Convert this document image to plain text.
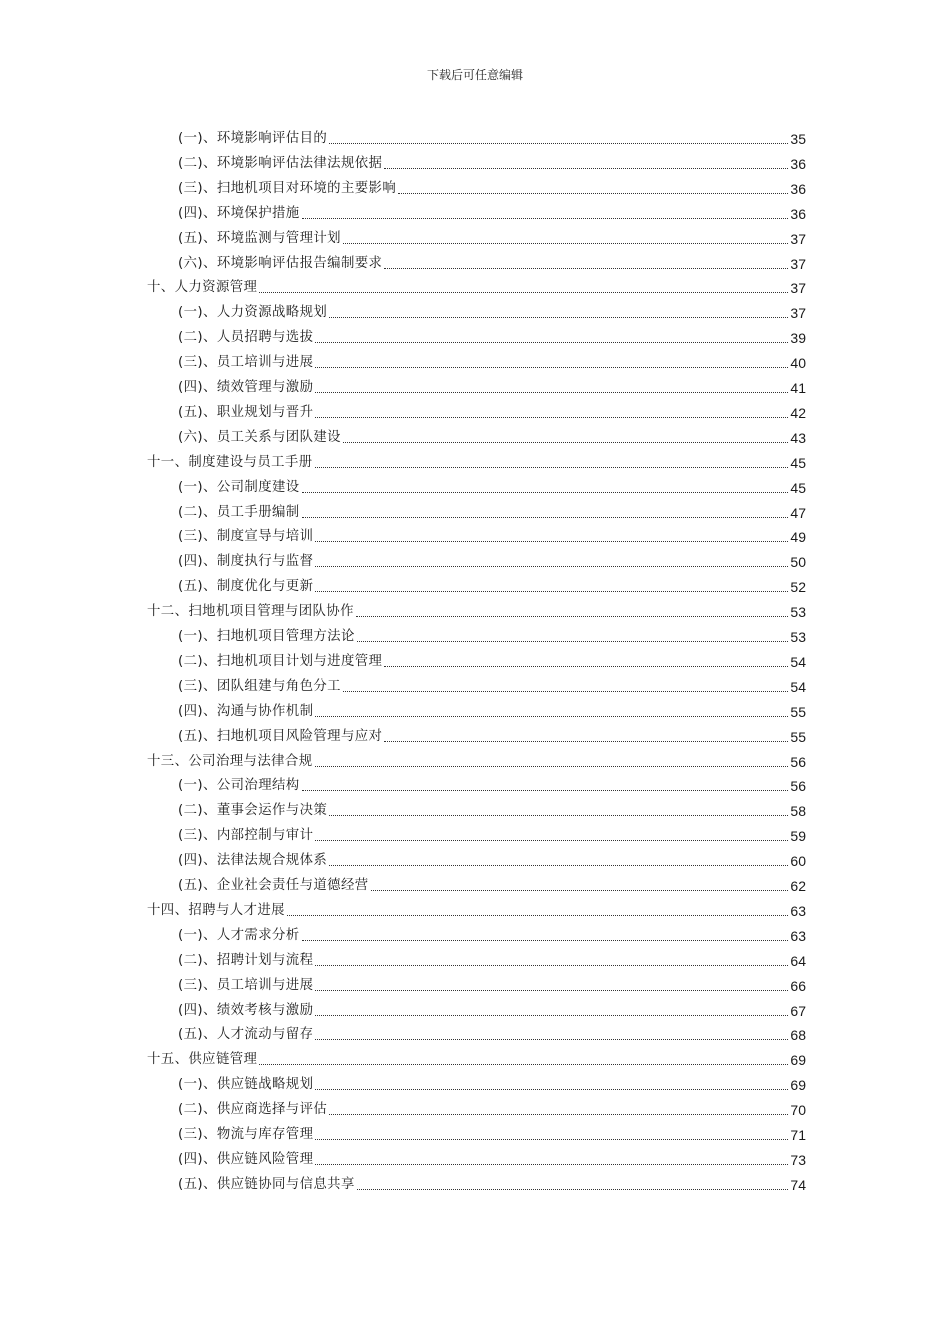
下载后可任意编辑
(一)、环境影响评估目的	35
(二)、环境影响评估法律法规依据	36
(三)、扫地机项目对环境的主要影响	36
(四)、环境保护措施	36
(五)、环境监测与管理计划	37
(六)、环境影响评估报告编制要求	37
十、人力资源管理	37
(一)、人力资源战略规划	37
(二)、人员招聘与选拔	39
(三)、员工培训与进展	40
(四)、绩效管理与激励	41
(五)、职业规划与晋升	42
(六)、员工关系与团队建设	43
十一、制度建设与员工手册	45
(一)、公司制度建设	45
(二)、员工手册编制	47
(三)、制度宣导与培训	49
(四)、制度执行与监督	50
(五)、制度优化与更新	52
十二、扫地机项目管理与团队协作	53
(一)、扫地机项目管理方法论	53
(二)、扫地机项目计划与进度管理	54
(三)、团队组建与角色分工	54
(四)、沟通与协作机制	55
(五)、扫地机项目风险管理与应对	55
十三、公司治理与法律合规	56
(一)、公司治理结构	56
(二)、董事会运作与决策	58
(三)、内部控制与审计	59
(四)、法律法规合规体系	60
(五)、企业社会责任与道德经营	62
十四、招聘与人才进展	63
(一)、人才需求分析	63
(二)、招聘计划与流程	64
(三)、员工培训与进展	66
(四)、绩效考核与激励	67
(五)、人才流动与留存	68
十五、供应链管理	69
(一)、供应链战略规划	69
(二)、供应商选择与评估	70
(三)、物流与库存管理	71
(四)、供应链风险管理	73
(五)、供应链协同与信息共享	74
